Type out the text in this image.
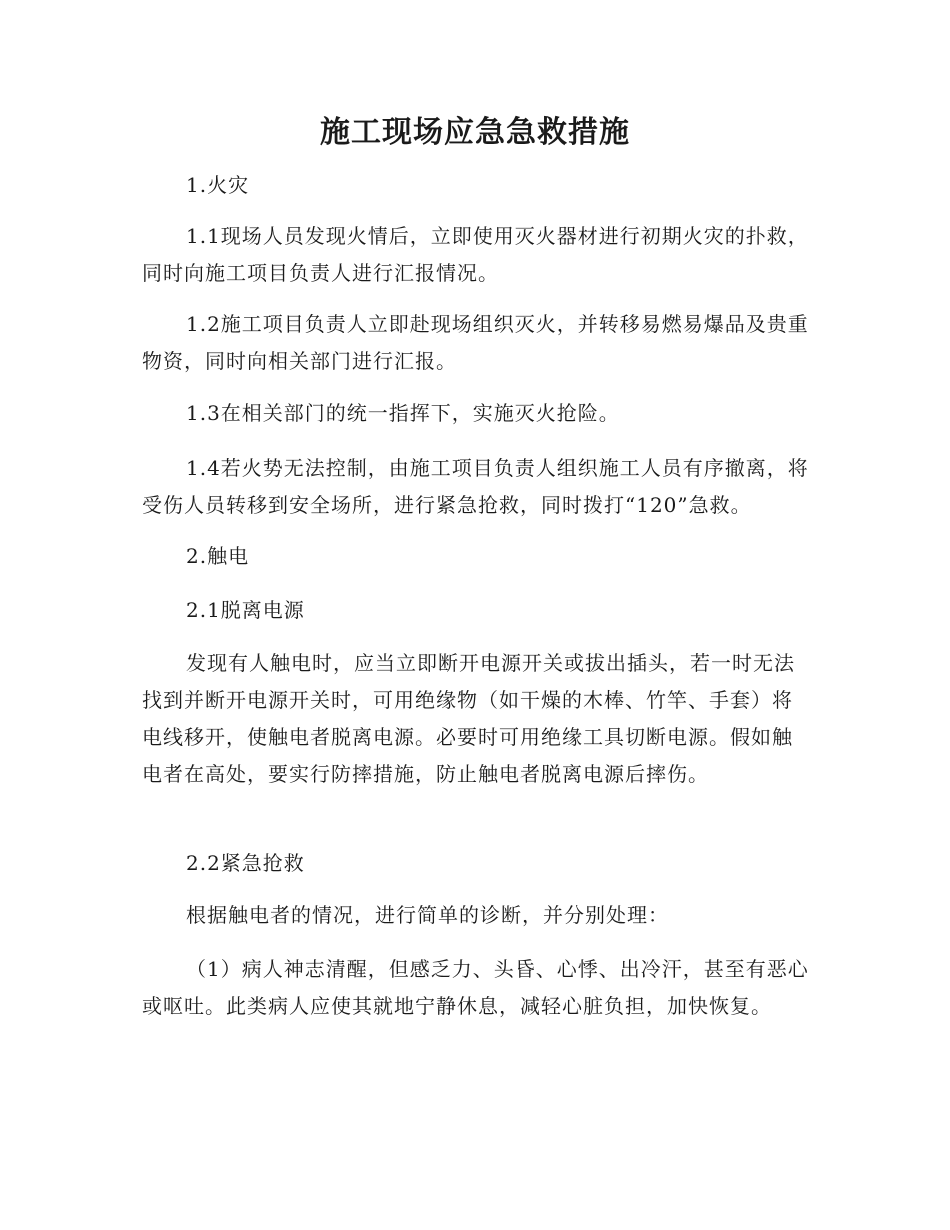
施工现场应急急救措施

1.火灾

1.1现场人员发现火情后，立即使用灭火器材进行初期火灾的扑救，同时向施工项目负责人进行汇报情况。

1.2施工项目负责人立即赴现场组织灭火，并转移易燃易爆品及贵重物资，同时向相关部门进行汇报。

1.3在相关部门的统一指挥下，实施灭火抢险。

1.4若火势无法控制，由施工项目负责人组织施工人员有序撤离，将受伤人员转移到安全场所，进行紧急抢救，同时拨打“120”急救。

2.触电

2.1脱离电源

发现有人触电时，应当立即断开电源开关或拔出插头，若一时无法找到并断开电源开关时，可用绝缘物（如干燥的木棒、竹竿、手套）将电线移开，使触电者脱离电源。必要时可用绝缘工具切断电源。假如触电者在高处，要实行防摔措施，防止触电者脱离电源后摔伤。

2.2紧急抢救

根据触电者的情况，进行简单的诊断，并分别处理：

（1）病人神志清醒，但感乏力、头昏、心悸、出冷汗，甚至有恶心或呕吐。此类病人应使其就地宁静休息，减轻心脏负担，加快恢复。
